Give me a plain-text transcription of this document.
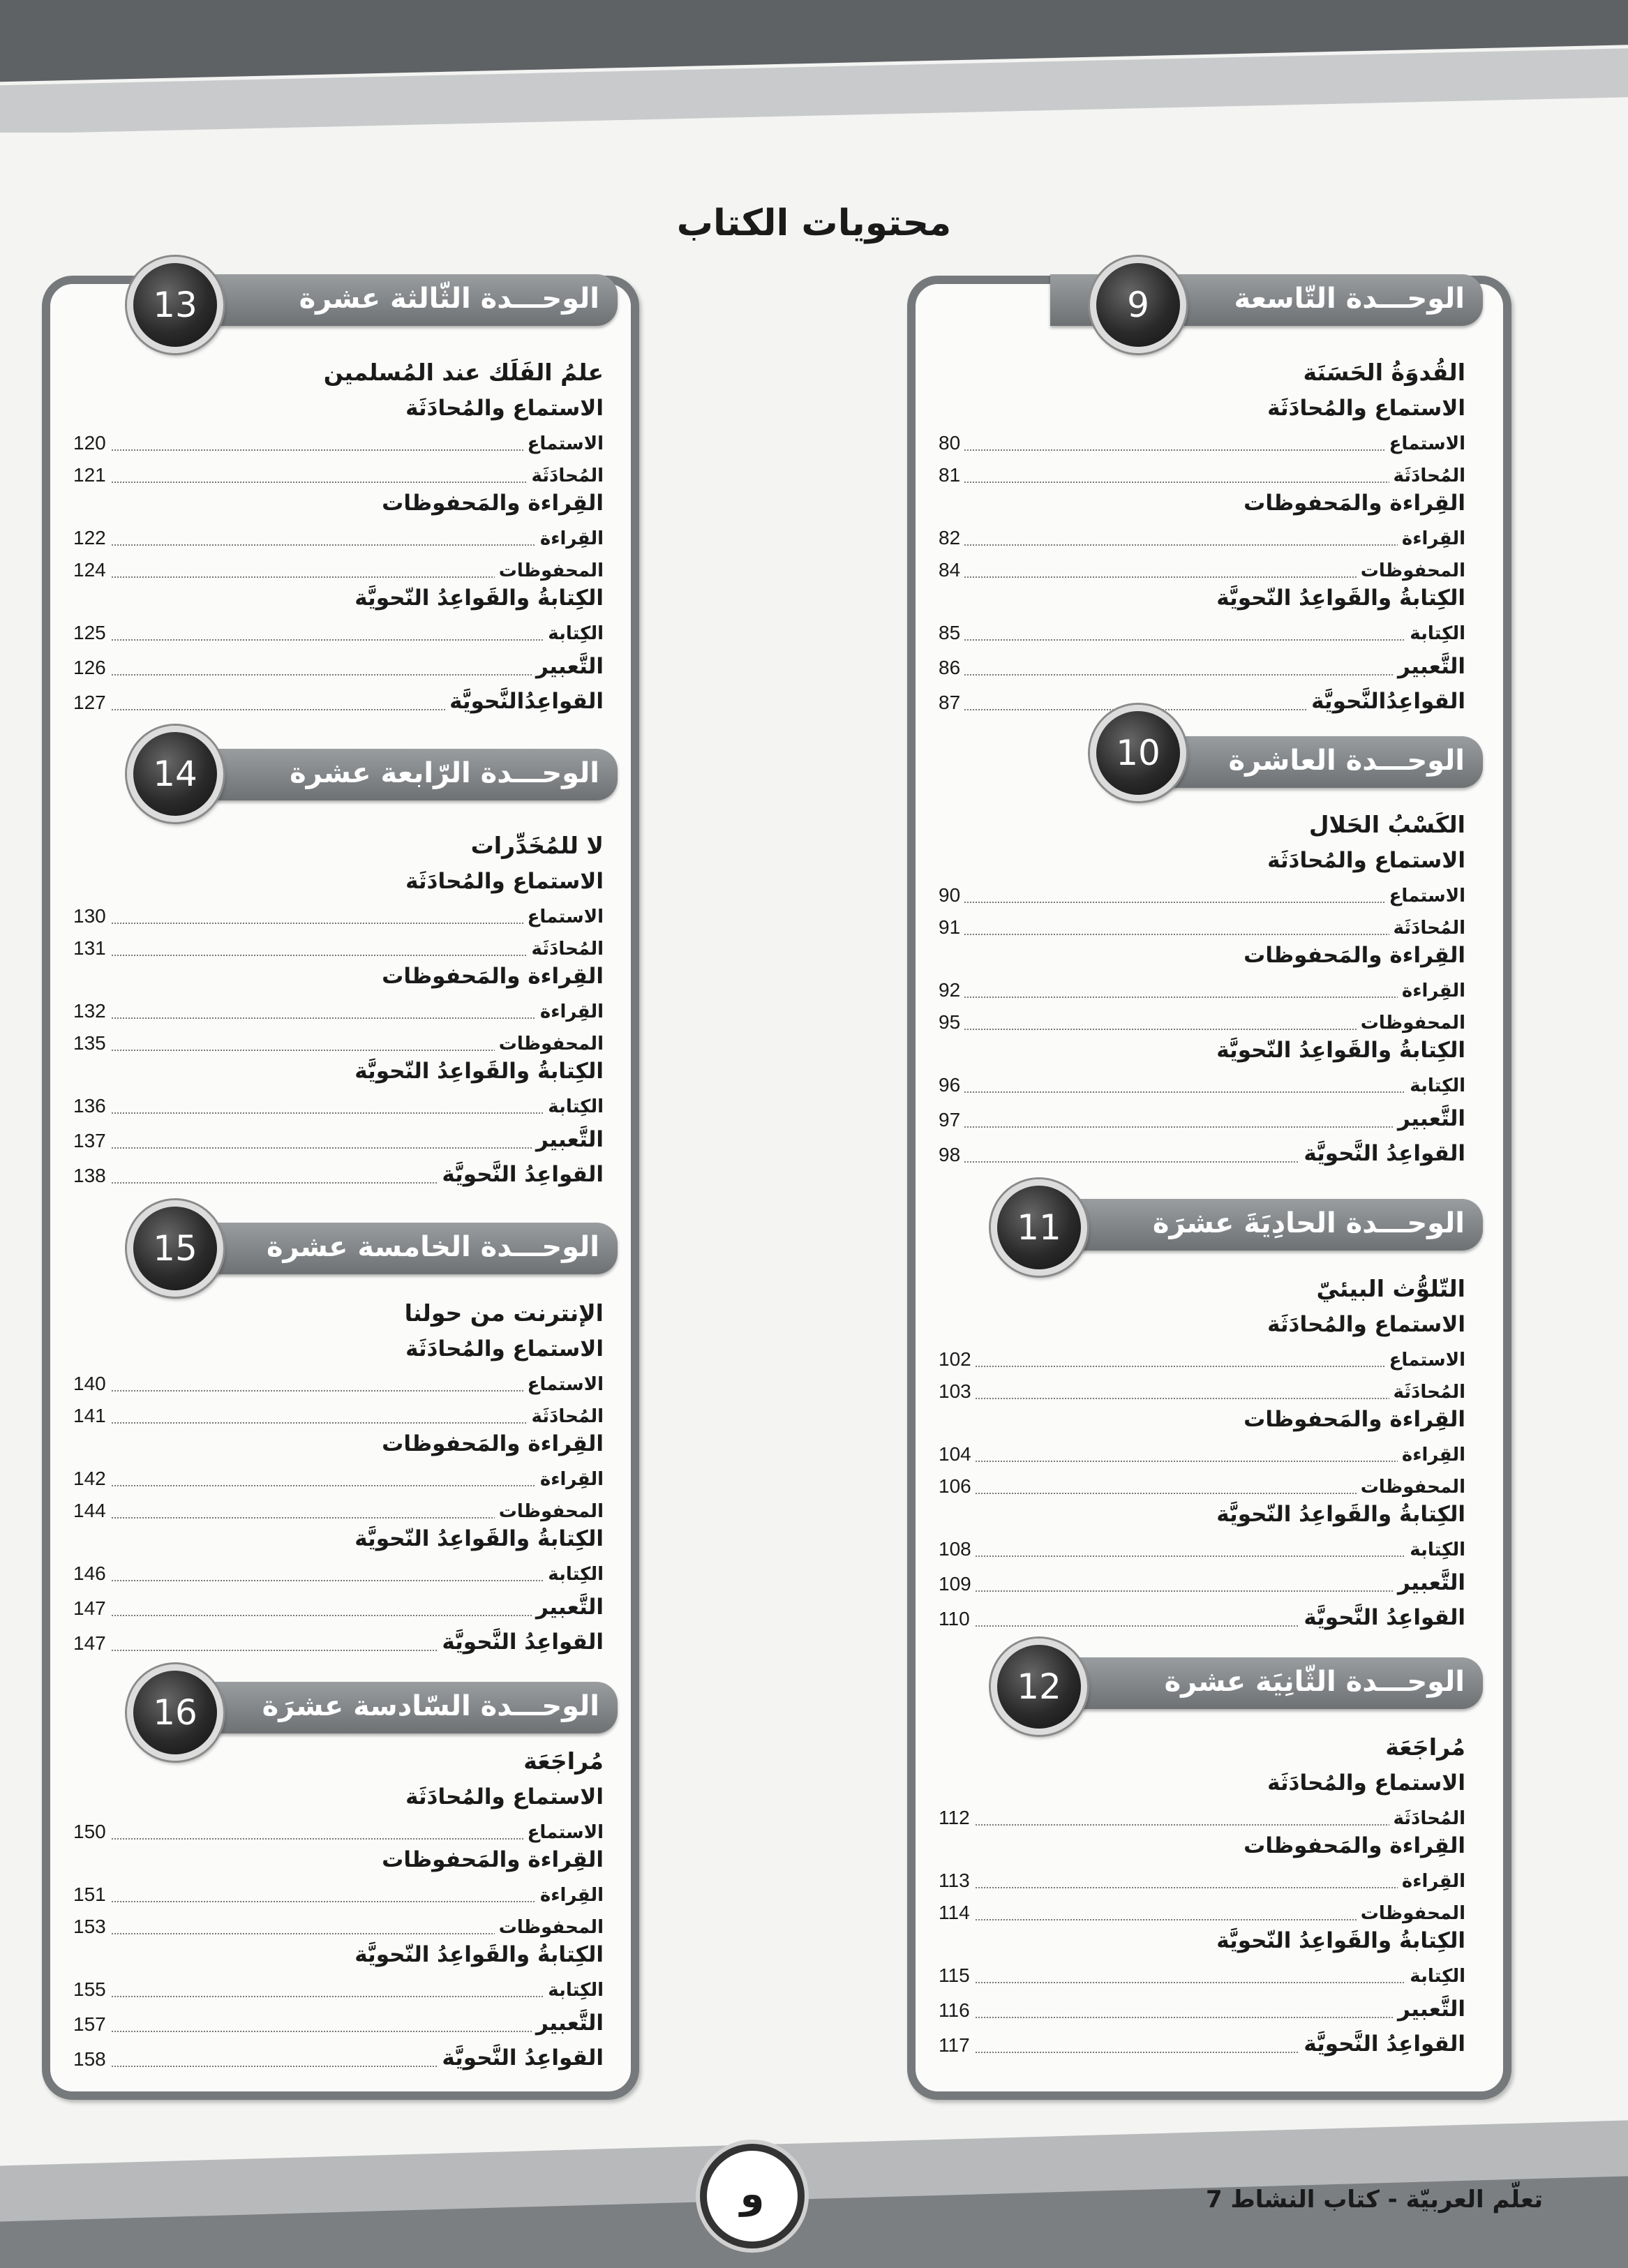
محتويات الكتاب
الوحـــدة التّاسعة
9
القُدوَةُ الحَسَنَة
الاستماع والمُحادَثَة
الاستماع
80
المُحادَثَة
81
القِراءة والمَحفوظات
القِراءة
82
المحفوظات
84
الكِتابةُ والقَواعِدُ النّحويَّة
الكِتابة
85
التَّعبير
86
القواعِدُالنَّحويَّة
87
الوحـــدة العاشرة
10
الكَسْبُ الحَلال
الاستماع والمُحادَثَة
الاستماع
90
المُحادَثَة
91
القِراءة والمَحفوظات
القِراءة
92
المحفوظات
95
الكِتابةُ والقَواعِدُ النّحويَّة
الكِتابة
96
التَّعبير
97
القواعِدُ النَّحويَّة
98
الوحـــدة الحادِيَةَ عشرَة
11
التّلوُّث البيئيّ
الاستماع والمُحادَثَة
الاستماع
102
المُحادَثَة
103
القِراءة والمَحفوظات
القِراءة
104
المحفوظات
106
الكِتابةُ والقَواعِدُ النّحويَّة
الكِتابة
108
التَّعبير
109
القواعِدُ النَّحويَّة
110
الوحـــدة الثّانِيَة عشرة
12
مُراجَعَة
الاستماع والمُحادَثَة
المُحادَثَة
112
القِراءة والمَحفوظات
القِراءة
113
المحفوظات
114
الكِتابةُ والقَواعِدُ النّحويَّة
الكِتابة
115
التَّعبير
116
القواعِدُ النَّحويَّة
117
الوحـــدة الثّالثة عشرة
13
علمُ الفَلَك عند المُسلمين
الاستماع والمُحادَثَة
الاستماع
120
المُحادَثَة
121
القِراءة والمَحفوظات
القِراءة
122
المحفوظات
124
الكِتابةُ والقَواعِدُ النّحويَّة
الكِتابة
125
التَّعبير
126
القواعِدُالنَّحويَّة
127
الوحـــدة الرّابعة عشرة
14
لا للمُخَدِّرات
الاستماع والمُحادَثَة
الاستماع
130
المُحادَثَة
131
القِراءة والمَحفوظات
القِراءة
132
المحفوظات
135
الكِتابةُ والقَواعِدُ النّحويَّة
الكِتابة
136
التَّعبير
137
القواعِدُ النَّحويَّة
138
الوحـــدة الخامسة عشرة
15
الإنترنت من حولنا
الاستماع والمُحادَثَة
الاستماع
140
المُحادَثَة
141
القِراءة والمَحفوظات
القِراءة
142
المحفوظات
144
الكِتابةُ والقَواعِدُ النّحويَّة
الكِتابة
146
التَّعبير
147
القواعِدُ النَّحويَّة
147
الوحـــدة السّادسة عشرَة
16
مُراجَعَة
الاستماع والمُحادَثَة
الاستماع
150
القِراءة والمَحفوظات
القِراءة
151
المحفوظات
153
الكِتابةُ والقَواعِدُ النّحويَّة
الكِتابة
155
التَّعبير
157
القواعِدُ النَّحويَّة
158
و	تعلّم العربيّة - كتاب النشاط 7
